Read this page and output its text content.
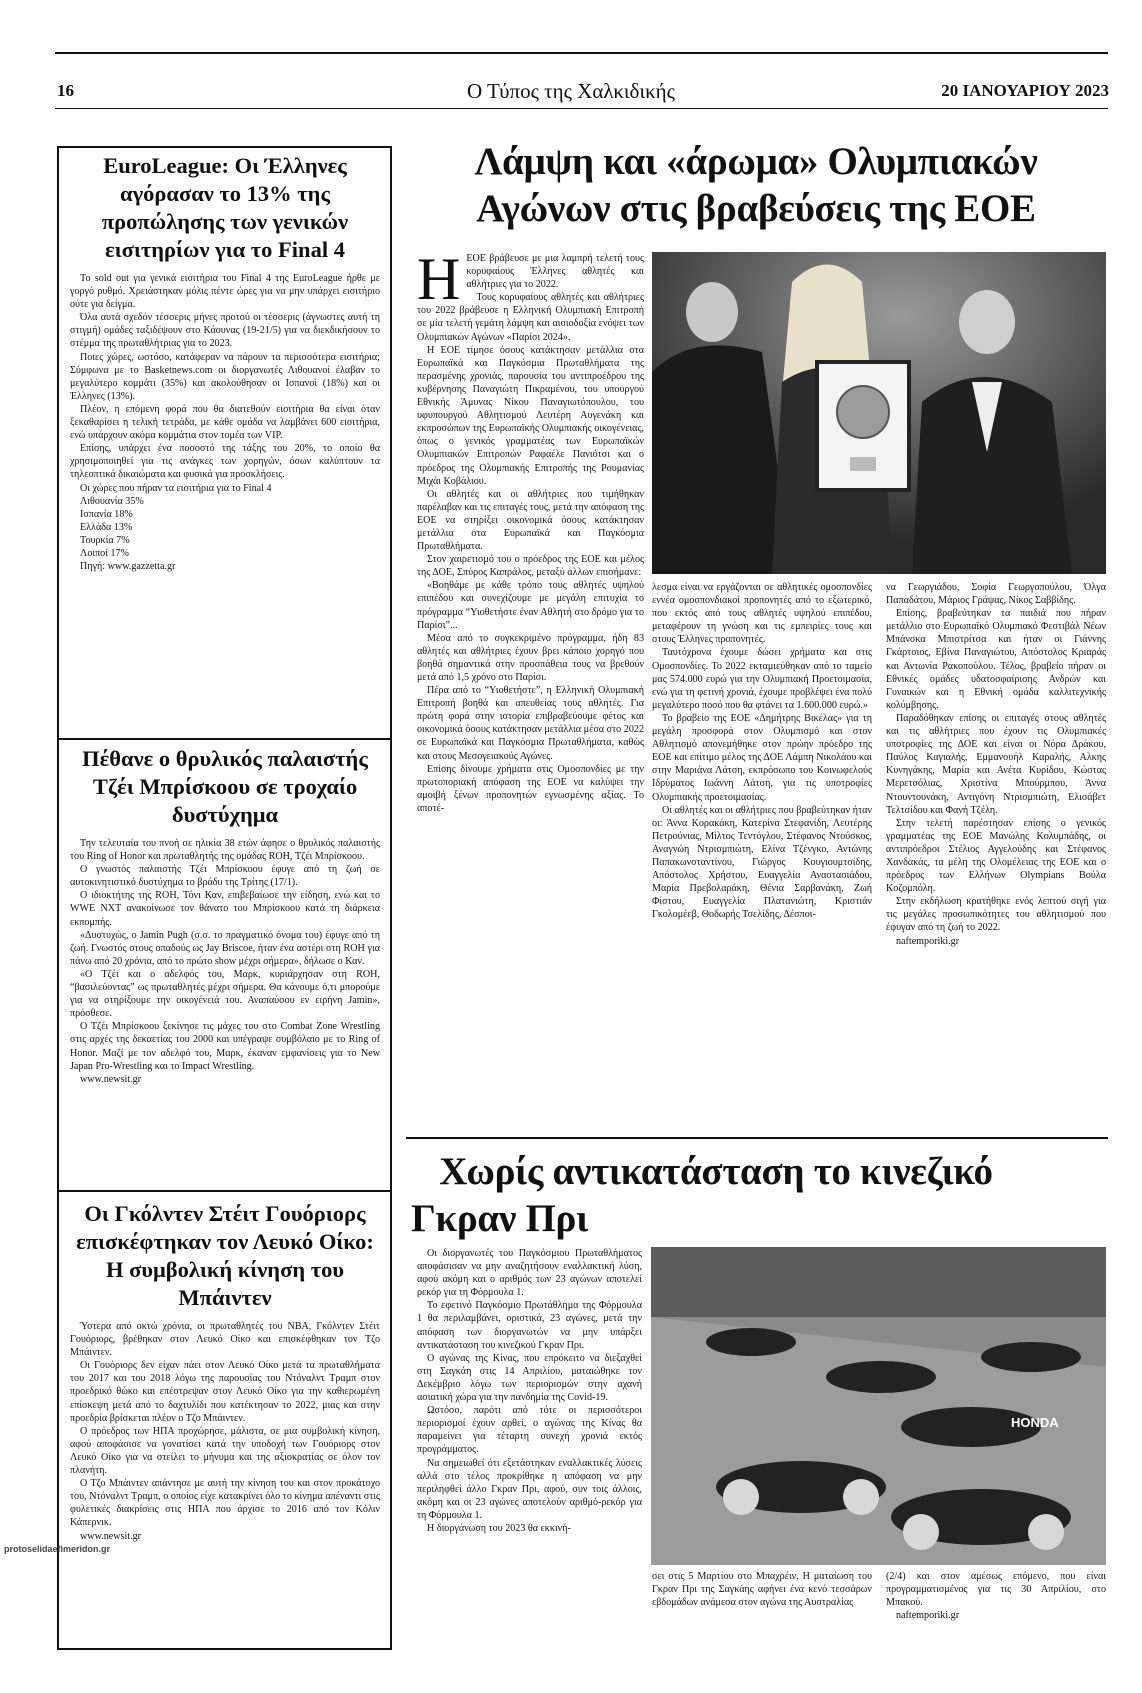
16	Ο Τύπος της Χαλκιδικής	20 ΙΑΝΟΥΑΡΙΟΥ 2023
EuroLeague: Οι Έλληνες αγόρασαν το 13% της προπώλησης των γενικών εισιτηρίων για το Final 4

Το sold out για γενικά εισιτήρια του Final 4 της EuroLeague ήρθε με γοργό ρυθμό. Χρειάστηκαν μόλις πέντε ώρες για να μην υπάρχει εισιτήριο ούτε για δείγμα.

Όλα αυτά σχεδόν τέσσερις μήνες προτού οι τέσσερις (άγνωστες αυτή τη στιγμή) ομάδες ταξιδέψουν στο Κάουνας (19-21/5) για να διεκδικήσουν το στέμμα της πρωταθλήτριας για το 2023.

Ποιες χώρες, ωστόσο, κατάφεραν να πάρουν τα περισσότερα εισιτήρια; Σύμφωνα με το Basketnews.com οι διοργανωτές Λιθουανοί έλαβαν το μεγαλύτερο κομμάτι (35%) και ακολούθησαν οι Ισπανοί (18%) και οι Έλληνες (13%).

Πλέον, η επόμενη φορά που θα διατεθούν εισιτήρια θα είναι όταν ξεκαθαρίσει η τελική τετράδα, με κάθε ομάδα να λαμβάνει 600 εισιτήρια, ενώ υπάρχουν ακόμα κομμάτια στον τομέα των VIP.

Επίσης, υπάρχει ένα ποσοστό της τάξης του 20%, το οποίο θα χρησιμοποιηθεί για τις ανάγκες των χορηγών, όσων καλύπτουν τα τηλεοπτικά δικαιώματα και φυσικά για προσκλήσεις.

Οι χώρες που πήραν τα εισιτήρια για το Final 4

Λιθουανία 35%

Ισπανία 18%

Ελλάδα 13%

Τουρκία 7%

Λοιποί 17%

Πηγή: www.gazzetta.gr

Πέθανε ο θρυλικός παλαιστής Τζέι Μπρίσκοου σε τροχαίο δυστύχημα

Την τελευταία του πνοή σε ηλικία 38 ετών άφησε ο θρυλικός παλαιστής του Ring of Honor και πρωταθλητής της ομάδας ROH, Τζέι Μπρίσκοου.

Ο γνωστός παλαιστής Τζέι Μπρίσκοου έφυγε από τη ζωή σε αυτοκινητιστικό δυστύχημα το βράδυ της Τρίτης (17/1).

Ο ιδιοκτήτης της ROH, Τόνι Καν, επιβεβαίωσε την είδηση, ενώ και το WWE NXT ανακοίνωσε τον θάνατο του Μπρίσκοου κατά τη διάρκεια εκπομπής.

«Δυστυχώς, ο Jamin Pugh (σ.σ. το πραγματικό όνομα του) έφυγε από τη ζωή. Γνωστός στους οπαδούς ως Jay Briscoe, ήταν ένα αστέρι στη ROH για πάνω από 20 χρόνια, από το πρώτο show μέχρι σήμερα», δήλωσε ο Καν.

«Ο Τζέι και ο αδελφός του, Μαρκ, κυριάρχησαν στη ROH, “βασιλεύοντας” ως πρωταθλητές μέχρι σήμερα. Θα κάνουμε ό,τι μπορούμε για να στηρίξουμε την οικογένειά του. Αναπαύσου εν ειρήνη Jamin», πρόσθεσε.

Ο Τζέι Μπρίσκοου ξεκίνησε τις μάχες του στο Combat Zone Wrestling στις αρχές της δεκαετίας του 2000 και υπέγραψε συμβόλαιο με το Ring of Honor. Μαζί με τον αδελφό του, Μαρκ, έκαναν εμφανίσεις για το New Japan Pro-Wrestling και το Impact Wrestling.

www.newsit.gr

Οι Γκόλντεν Στέιτ Γουόριορς επισκέφτηκαν τον Λευκό Οίκο: Η συμβολική κίνηση του Μπάιντεν

Ύστερα από οκτώ χρόνια, οι πρωταθλητές του NBA, Γκόλντεν Στέιτ Γουόριορς, βρέθηκαν στον Λευκό Οίκο και επισκέφθηκαν τον Τζο Μπάιντεν.

Οι Γουόριορς δεν είχαν πάει στον Λευκό Οίκο μετά τα πρωταθλήματα του 2017 και του 2018 λόγω της παρουσίας του Ντόναλντ Τραμπ στον προεδρικό θώκο και επέστρεψαν στον Λευκό Οίκο για την καθιερωμένη επίσκεψη μετά από το δαχτυλίδι που κατέκτησαν το 2022, μιας και στην προεδρία βρίσκεται πλέον ο Τζο Μπάιντεν.

Ο πρόεδρος των ΗΠΑ προχώρησε, μάλιστα, σε μια συμβολική κίνηση, αφού αποφάσισε να γονατίσει κατά την υποδοχή των Γουόριορς στον Λευκό Οίκο για να στείλει το μήνυμα και της αξιοκρατίας σε όλον τον πλανήτη.

Ο Τζο Μπάιντεν απάντησε με αυτή την κίνηση του και στον προκάτοχο του, Ντόναλντ Τραμπ, ο οποίος είχε κατακρίνει όλο το κίνημα απέναντι στις φυλετικές διακρίσεις στις ΗΠΑ που άρχισε το 2016 από τον Κόλιν Κάπερνικ.

www.newsit.gr

protoselidaefimeridon.gr
Λάμψη και «άρωμα» Ολυμπιακών
Αγώνων στις βραβεύσεις της ΕΟΕ
Η ΕΟΕ βράβευσε με μια λαμπρή τελετή τους κορυφαίους Έλληνες αθλητές και αθλήτριες για το 2022.

Τους κορυφαίους αθλητές και αθλήτριες του 2022 βράβευσε η Ελληνική Ολυμπιακή Επιτροπή σε μία τελετή γεμάτη λάμψη και αισιοδοξία ενόψει των Ολυμπιακών Αγώνων «Παρίσι 2024».

Η ΕΟΕ τίμησε όσους κατάκτησαν μετάλλια στα Ευρωπαϊκά και Παγκόσμια Πρωταθλήματα της περασμένης χρονιάς, παρουσία του αντιπροέδρου της κυβέρνησης Παναγιώτη Πικραμένου, του υπουργού Εθνικής Άμυνας Νίκου Παναγιωτόπουλου, του υφυπουργού Αθλητισμού Λευτέρη Αυγενάκη και εκπροσώπων της Ευρωπαϊκής Ολυμπιακής οικογένειας, όπως ο γενικός γραμματέας των Ευρωπαϊκών Ολυμπιακών Επιτροπών Ραφαέλε Πανιότσι και ο πρόεδρος της Ολυμπιακής Επιτροπής της Ρουμανίας Μιχάι Κοβάλιου.

Οι αθλητές και οι αθλήτριες που τιμήθηκαν παρέλαβαν και τις επιταγές τους, μετά την απόφαση της ΕΟΕ να στηρίξει οικονομικά όσους κατάκτησαν μετάλλια στα Ευρωπαϊκά και Παγκόσμια Πρωταθλήματα.

Στον χαιρετισμό του ο πρόεδρος της ΕΟΕ και μέλος της ΔΟΕ, Σπύρος Καπράλος, μεταξύ άλλων επισήμανε:

«Βοηθάμε με κάθε τρόπο τους αθλητές υψηλού επιπέδου και συνεχίζουμε με μεγάλη επιτυχία το πρόγραμμα “Υιοθετήστε έναν Αθλητή στο δρόμο για το Παρίσι”...

Μέσα από το συγκεκριμένο πρόγραμμα, ήδη 83 αθλητές και αθλήτριες έχουν βρει κάποιο χορηγό που βοηθά σημαντικά στην προσπάθεια τους να βρεθούν μετά από 1,5 χρόνο στο Παρίσι.

Πέρα από το “Υιοθετήστε”, η Ελληνική Ολυμπιακή Επιτροπή βοηθά και απευθείας τους αθλητές. Για πρώτη φορά στην ιστορία επιβραβεύουμε φέτος και οικονομικά όσους κατάκτησαν μετάλλια μέσα στο 2022 σε Ευρωπαϊκά και Παγκόσμια Πρωταθλήματα, καθώς και στους Μεσογειακούς Αγώνες.

Επίσης δίνουμε χρήματα στις Ομοσπονδίες με την πρωτοποριακή απόφαση της ΕΟΕ να καλύψει την αμοιβή ξένων προπονητών εγνωσμένης αξίας. Το αποτέ-

λεσμα είναι να εργάζονται σε αθλητικές ομοσπονδίες εννέα ομοσπονδιακοί προπονητές από το εξωτερικό, που εκτός από τους αθλητές υψηλού επιπέδου, μεταφέρουν τη γνώση και τις εμπειρίες τους και στους Έλληνες προπονητές.

Ταυτόχρονα έχουμε δώσει χρήματα και στις Ομοσπονδίες. Το 2022 εκταμιεύθηκαν από το ταμείο μας 574.000 ευρώ για την Ολυμπιακή Προετοιμασία, ενώ για τη φετινή χρονιά, έχουμε προβλέψει ένα πολύ μεγαλύτερο ποσό που θα φτάνει τα 1.600.000 ευρώ.»

Το βραβείο της ΕΟΕ «Δημήτρης Βικέλας» για τη μεγάλη προσφορά στον Ολυμπισμό και στον Αθλητισμό απονεμήθηκε στον πρώην πρόεδρο της ΕΟΕ και επίτιμο μέλος της ΔΟΕ Λάμπη Νικολάου και στην Μαριάνα Λάτση, εκπρόσωπο του Κοινωφελούς Ιδρύματος Ιωάννη Λάτση, για τις υποτροφίες Ολυμπιακής προετοιμασίας.

Οι αθλητές και οι αθλήτριες που βραβεύτηκαν ήταν οι: Άννα Κορακάκη, Κατερίνα Στεφανίδη, Λευτέρης Πετρούνιας, Μίλτος Τεντόγλου, Στέφανος Ντούσκος, Αναγνώη Ντρισμπιώτη, Ελίνα Τζένγκο, Αντώνης Παπακωνσταντίνου, Γιώργος Κουγιουμτσίδης, Απόστολος Χρήστου, Ευαγγελία Αναστασιάδου, Μαρία Πρεβολαράκη, Θένια Σαρβανάκη, Ζωή Φίστου, Ευαγγελία Πλατανιώτη, Κριστιάν Γκολομέεβ, Θοδωρής Τσελίδης, Δέσποι-

να Γεωργιάδου, Σοφία Γεωργοπούλου, Όλγα Παπαδάτου, Μάριος Γράψας, Νίκος Σαββίδης.

Επίσης, βραβεύτηκαν τα παιδιά που πήραν μετάλλιο στο Ευρωπαϊκό Ολυμπιακό Φεστιβάλ Νέων Μπάνσκα Μπιστρίτσα και ήταν οι Γιάννης Γκάρτσιος, Εβίνα Παναγιώτου, Απόστολος Κριαράς και Αντωνία Ρακοπούλου. Τέλος, βραβείο πήραν οι Εθνικές ομάδες υδατοσφαίρισης Ανδρών και Γυναικών και η Εθνική ομάδα καλλιτεχνικής κολύμβησης.

Παραδόθηκαν επίσης οι επιταγές στους αθλητές και τις αθλήτριες που έχουν τις Ολυμπιακές υποτροφίες της ΔΟΕ και είναι οι Νόρα Δράκου, Παύλος Καγιαλής, Εμμανουήλ Καραλής, Αλκης Κυνηγάκης, Μαρία και Ανέτα Κυρίδου, Κώστας Μερετσόλιας, Χριστίνα Μπούρμπου, Άννα Ντουντουνάκη, Αντιγόνη Ντρισμπιώτη, Ελισάβετ Τελτσίδου και Φανή Τζέλη.

Στην τελετή παρέστησαν επίσης ο γενικός γραμματέας της ΕΟΕ Μανώλης Κολυμπάδης, οι αντιπρόεδροι Στέλιος Αγγελούδης και Στέφανος Χανδακάς, τα μέλη της Ολομέλειας της ΕΟΕ και ο πρόεδρος των Ελλήνων Olympians Βούλα Κοζομπόλη.

Στην εκδήλωση κρατήθηκε ενός λεπτού σιγή για τις μεγάλες προσωπικότητες του αθλητισμού που έφυγαν από τη ζωή το 2022.

naftemporiki.gr

Χωρίς αντικατάσταση το κινεζικό
Γκραν Πρι

Οι διοργανωτές του Παγκόσμιου Πρωταθλήματος αποφάσισαν να μην αναζητήσουν εναλλακτική λύση, αφού ακόμη και ο αριθμός των 23 αγώνων αποτελεί ρεκόρ για τη Φόρμουλα 1.

Το εφετινό Παγκόσμιο Πρωτάθλημα της Φόρμουλα 1 θα περιλαμβάνει, οριστικά, 23 αγώνες, μετά την απόφαση των διοργανωτών να μην υπάρξει αντικατάσταση του κινεζικού Γκραν Πρι.

Ο αγώνας της Κίνας, που επρόκειτο να διεξαχθεί στη Σαγκάη στις 14 Απριλίου, ματαιώθηκε τον Δεκέμβριο λόγω των περιορισμών στην αχανή ασιατική χώρα για την πανδημία της Covid-19.

Ωστόσο, παρότι από τότε οι περισσότεροι περιορισμοί έχουν αρθεί, ο αγώνας της Κίνας θα παραμείνει για τέταρτη συνεχή χρονιά εκτός προγράμματος.

Να σημειωθεί ότι εξετάστηκαν εναλλακτικές λύσεις αλλά στο τέλος προκρίθηκε η απόφαση να μην περιληφθεί άλλο Γκραν Πρι, αφού, συν τοις άλλοις, ακόμη και οι 23 αγώνες αποτελούν αριθμό-ρεκόρ για τη Φόρμουλα 1.

Η διοργάνωση του 2023 θα εκκινή-

HONDA

σει στις 5 Μαρτίου στο Μπαχρέιν. Η ματαίωση του Γκραν Πρι της Σαγκάης αφήνει ένα κενό τεσσάρων εβδομάδων ανάμεσα στον αγώνα της Αυστραλίας

(2/4) και στον αμέσως επόμενο, που είναι προγραμματισμένος για τις 30 Απριλίου, στο Μπακού.

naftemporiki.gr
